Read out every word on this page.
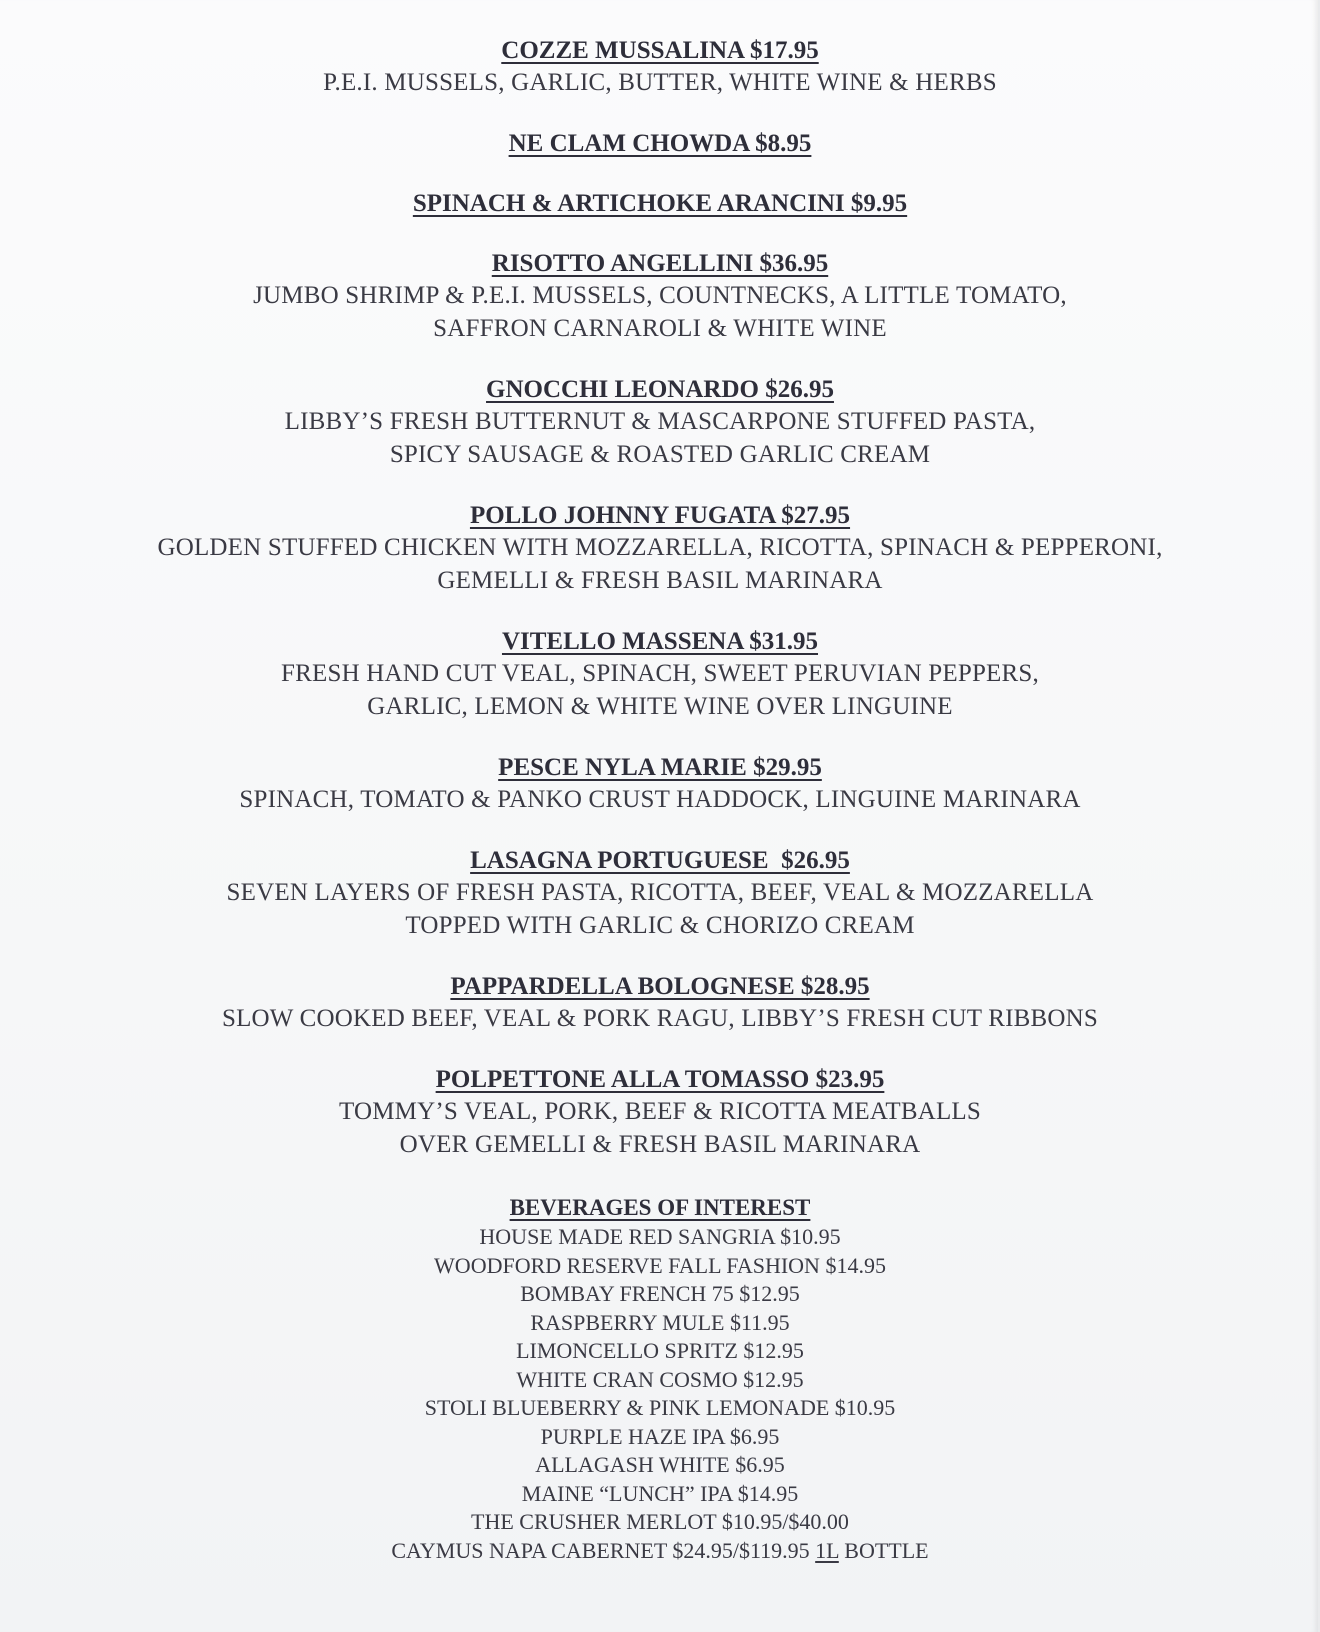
COZZE MUSSALINA $17.95
P.E.I. MUSSELS, GARLIC, BUTTER, WHITE WINE & HERBS
NE CLAM CHOWDA $8.95
SPINACH & ARTICHOKE ARANCINI $9.95
RISOTTO ANGELLINI $36.95
JUMBO SHRIMP & P.E.I. MUSSELS, COUNTNECKS, A LITTLE TOMATO,
SAFFRON CARNAROLI & WHITE WINE
GNOCCHI LEONARDO $26.95
LIBBY’S FRESH BUTTERNUT & MASCARPONE STUFFED PASTA,
SPICY SAUSAGE & ROASTED GARLIC CREAM
POLLO JOHNNY FUGATA $27.95
GOLDEN STUFFED CHICKEN WITH MOZZARELLA, RICOTTA, SPINACH & PEPPERONI,
GEMELLI & FRESH BASIL MARINARA
VITELLO MASSENA $31.95
FRESH HAND CUT VEAL, SPINACH, SWEET PERUVIAN PEPPERS,
GARLIC, LEMON & WHITE WINE OVER LINGUINE
PESCE NYLA MARIE $29.95
SPINACH, TOMATO & PANKO CRUST HADDOCK, LINGUINE MARINARA
LASAGNA PORTUGUESE  $26.95
SEVEN LAYERS OF FRESH PASTA, RICOTTA, BEEF, VEAL & MOZZARELLA
TOPPED WITH GARLIC & CHORIZO CREAM
PAPPARDELLA BOLOGNESE $28.95
SLOW COOKED BEEF, VEAL & PORK RAGU, LIBBY’S FRESH CUT RIBBONS
POLPETTONE ALLA TOMASSO $23.95
TOMMY’S VEAL, PORK, BEEF & RICOTTA MEATBALLS
OVER GEMELLI & FRESH BASIL MARINARA
BEVERAGES OF INTEREST
HOUSE MADE RED SANGRIA $10.95
WOODFORD RESERVE FALL FASHION $14.95
BOMBAY FRENCH 75 $12.95
RASPBERRY MULE $11.95
LIMONCELLO SPRITZ $12.95
WHITE CRAN COSMO $12.95
STOLI BLUEBERRY & PINK LEMONADE $10.95
PURPLE HAZE IPA $6.95
ALLAGASH WHITE $6.95
MAINE “LUNCH” IPA $14.95
THE CRUSHER MERLOT $10.95/$40.00
CAYMUS NAPA CABERNET $24.95/$119.95 1L BOTTLE
